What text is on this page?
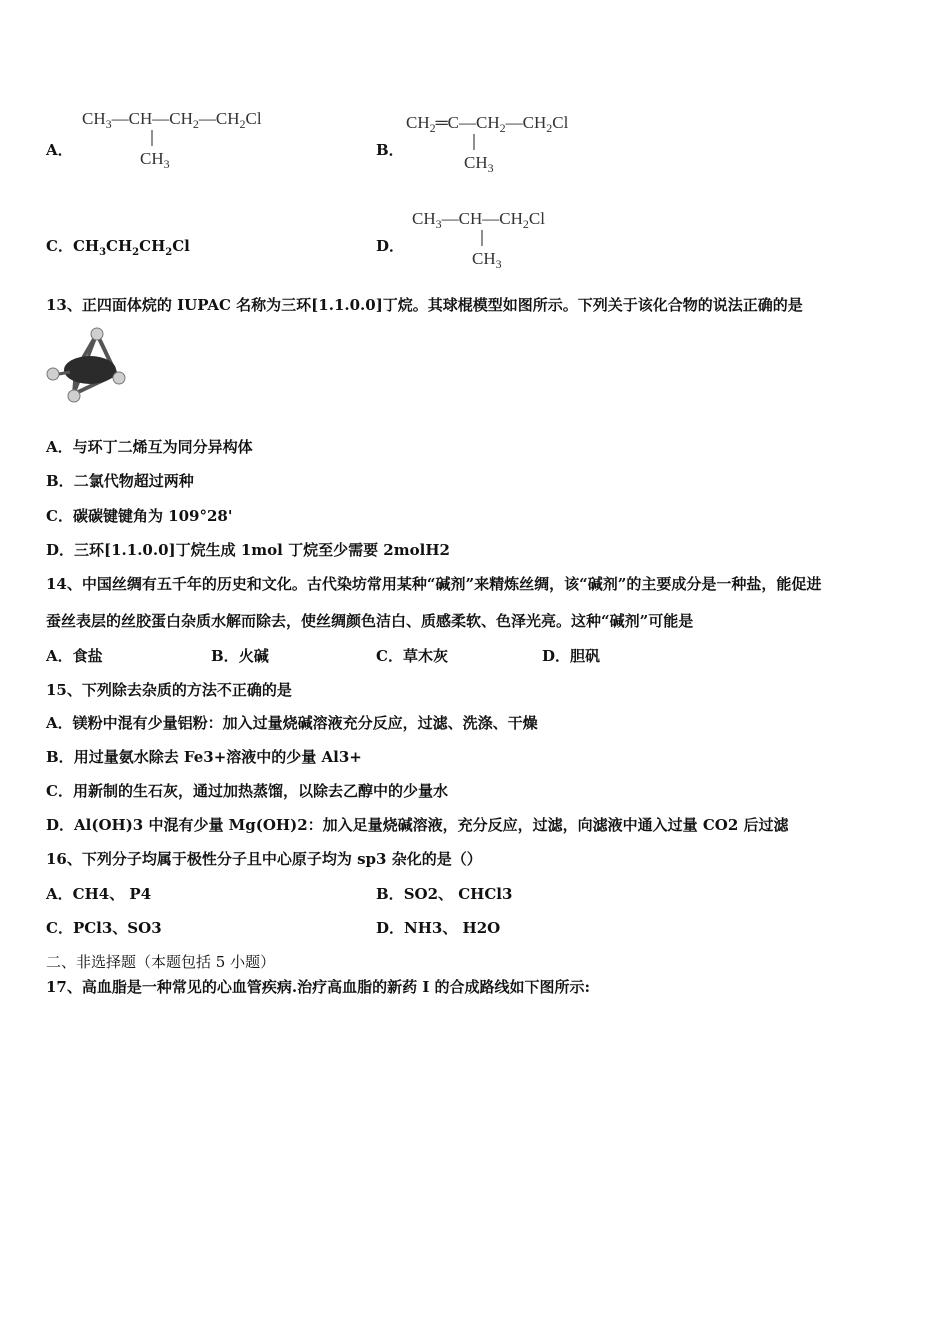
A．
$CH_3—CH—CH_2—CH_2Cl$
$CH_3$
B．
$CH_2═C—CH_2—CH_2Cl$
$CH_3$
C．$CH_3CH_2CH_2Cl$	D．
$CH_3—CH—CH_2Cl$
$CH_3$
13、正四面体烷的 IUPAC 名称为三环[1.1.0.0]丁烷。其球棍模型如图所示。下列关于该化合物的说法正确的是
A．与环丁二烯互为同分异构体
B．二氯代物超过两种
C．碳碳键键角为 109°28'
D．三环[1.1.0.0]丁烷生成 1mol 丁烷至少需要 2molH2
14、中国丝绸有五千年的历史和文化。古代染坊常用某种“碱剂”来精炼丝绸，该“碱剂”的主要成分是一种盐，能促进
蚕丝表层的丝胶蛋白杂质水解而除去，使丝绸颜色洁白、质感柔软、色泽光亮。这种“碱剂”可能是
A．食盐	B．火碱	C．草木灰	D．胆矾
15、下列除去杂质的方法不正确的是
A．镁粉中混有少量铝粉：加入过量烧碱溶液充分反应，过滤、洗涤、干燥
B．用过量氨水除去 Fe3+溶液中的少量 Al3+
C．用新制的生石灰，通过加热蒸馏，以除去乙醇中的少量水
D．Al(OH)3 中混有少量 Mg(OH)2：加入足量烧碱溶液，充分反应，过滤，向滤液中通入过量 CO2 后过滤
16、下列分子均属于极性分子且中心原子均为 sp3 杂化的是（）
A．CH4、 P4	B．SO2、 CHCl3
C．PCl3、SO3	D．NH3、 H2O
二、非选择题（本题包括 5 小题）
17、高血脂是一种常见的心血管疾病.治疗高血脂的新药 I 的合成路线如下图所示:
